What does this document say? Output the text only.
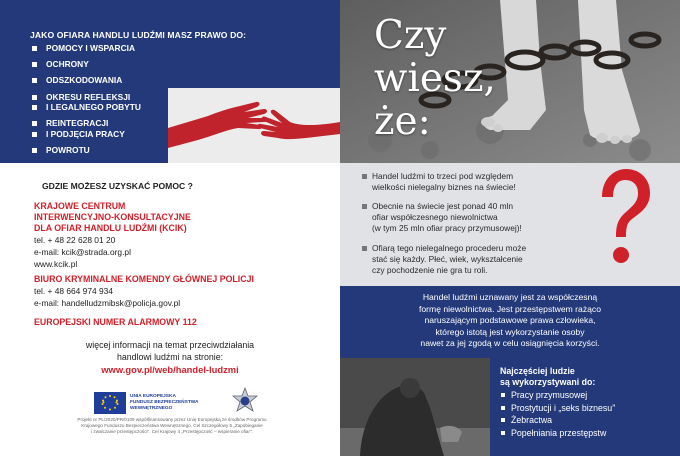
JAKO OFIARA HANDLU LUDŹMI MASZ PRAWO DO:
POMOCY I WSPARCIA
OCHRONY
ODSZKODOWANIA
OKRESU REFLEKSJI
I LEGALNEGO POBYTU
REINTEGRACJI
I PODJĘCIA PRACY
POWROTU
GDZIE MOŻESZ UZYSKAĆ POMOC ?
KRAJOWE CENTRUM
INTERWENCYJNO-KONSULTACYJNE
DLA OFIAR HANDLU LUDŹMI (KCIK)
tel. + 48 22 628 01 20
e-mail: kcik@strada.org.pl
www.kcik.pl
BIURO KRYMINALNE KOMENDY GŁÓWNEJ POLICJI
tel. + 48 664 974 934
e-mail: handelludzmibsk@policja.gov.pl
EUROPEJSKI NUMER ALARMOWY 112
więcej informacji na temat przeciwdziałania
handlowi ludźmi na stronie:
www.gov.pl/web/handel-ludzmi
UNIA EUROPEJSKA
FUNDUSZ BEZPIECZEŃSTWA
WEWNĘTRZNEGO
Projekt nr PL/2020/PR/0109 współfinansowany przez Unię Europejską ze środków Programu
Krajowego Funduszu Bezpieczeństwa Wewnętrznego. Cel Szczegółowy 5 „Zapobieganie
i zwalczanie przestępczości". Cel Krajowy 4 „Przestępczość – wspieranie ofiar".
Czy
wiesz,
że:
Handel ludźmi to trzeci pod względem
wielkości nielegalny biznes na świecie!
Obecnie na świecie jest ponad 40 mln
ofiar współczesnego niewolnictwa
(w tym 25 mln ofiar pracy przymusowej)!
Ofiarą tego nielegalnego procederu może
stać się każdy. Płeć, wiek, wykształcenie
czy pochodzenie nie gra tu roli.
Handel ludźmi uznawany jest za współczesną
formę niewolnictwa. Jest przestępstwem rażąco
naruszającym podstawowe prawa człowieka,
którego istotą jest wykorzystanie osoby
nawet za jej zgodą w celu osiągnięcia korzyści.
Najczęściej ludzie
są wykorzystywani do:
Pracy przymusowej
Prostytucji i „seks biznesu"
Żebractwa
Popełniania przestępstw
